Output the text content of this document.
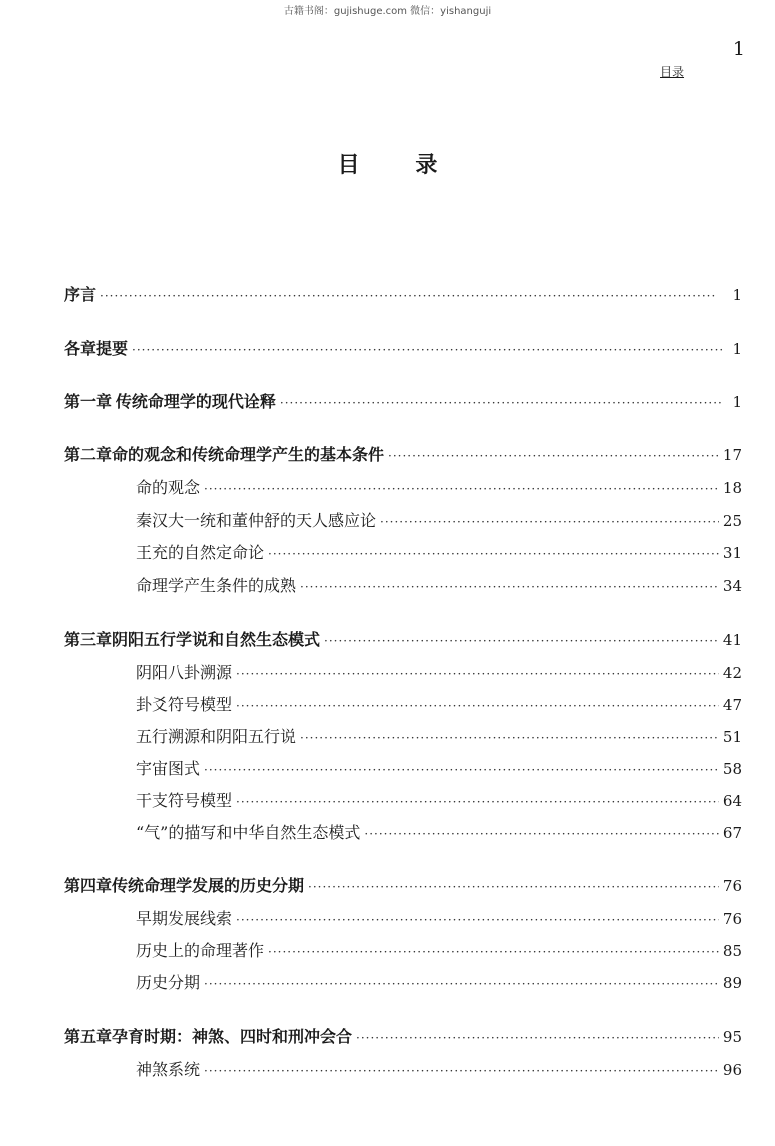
古籍书阁：gujishuge.com 微信：yishanguji
1
目录
目	录
序言 ·····	1
各章提要 ·····	1
第一章 传统命理学的现代诠释 ·····	1
第二章 命的观念和传统命理学产生的基本条件 ·····	17
命的观念 ·····	18
秦汉大一统和董仲舒的天人感应论 ·····	25
王充的自然定命论 ·····	31
命理学产生条件的成熟 ·····	34
第三章 阴阳五行学说和自然生态模式 ·····	41
阴阳八卦溯源 ·····	42
卦爻符号模型 ·····	47
五行溯源和阴阳五行说 ·····	51
宇宙图式 ·····	58
干支符号模型 ·····	64
“气”的描写和中华自然生态模式 ·····	67
第四章 传统命理学发展的历史分期 ·····	76
早期发展线索 ·····	76
历史上的命理著作 ·····	85
历史分期 ·····	89
第五章 孕育时期：神煞、四时和刑冲会合 ·····	95
神煞系统 ·····	96
